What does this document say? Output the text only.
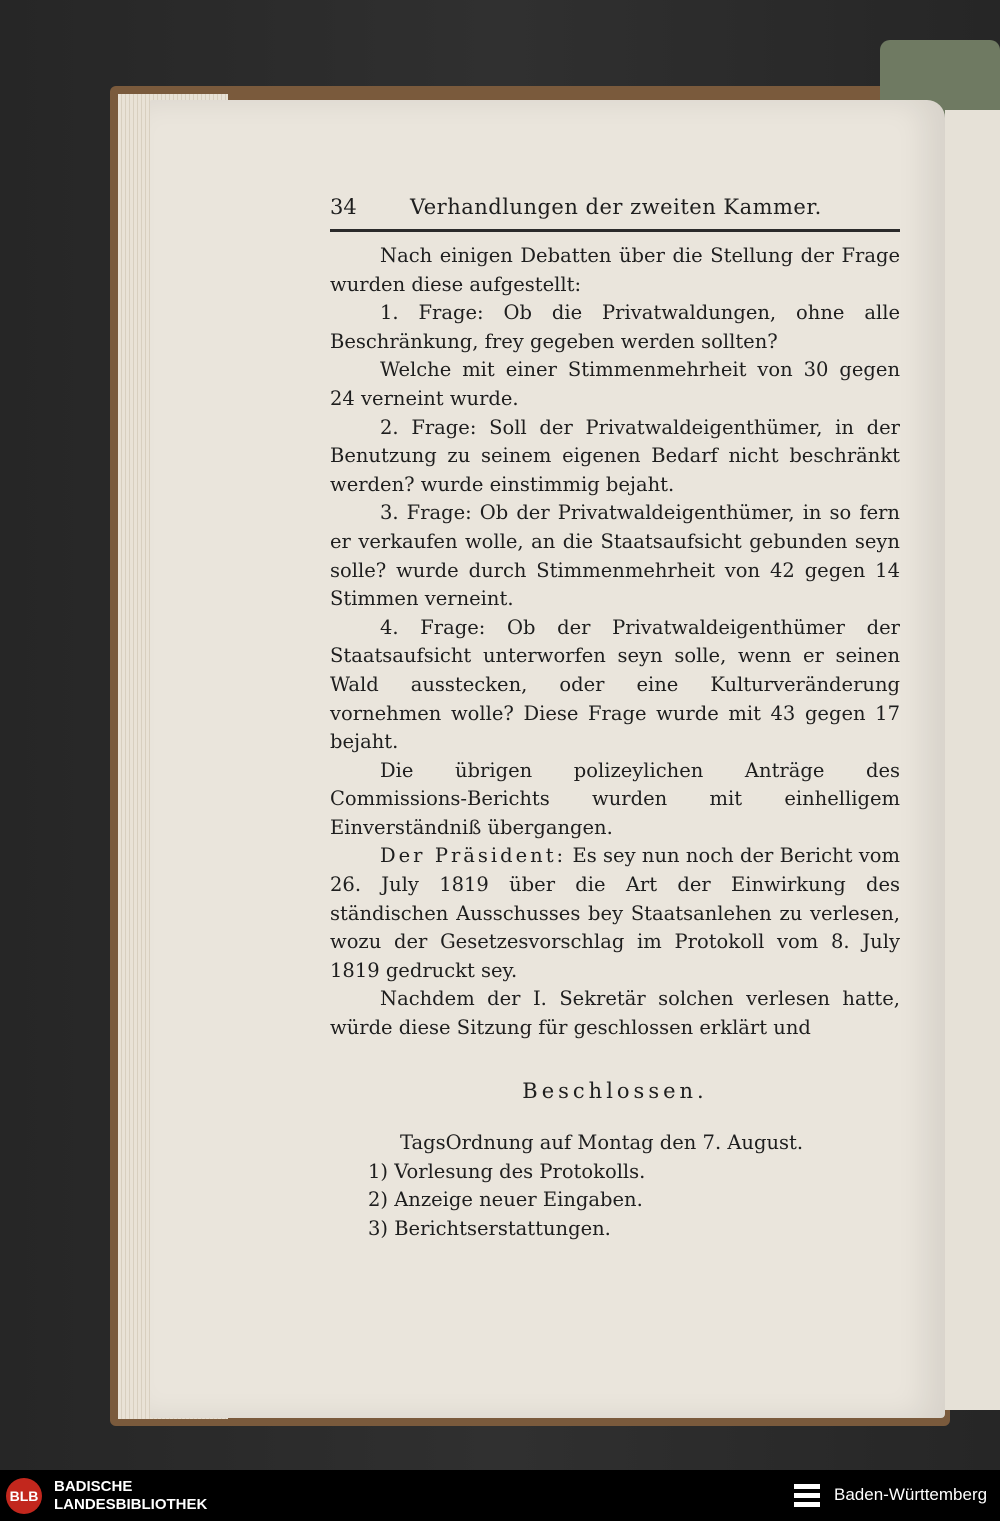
34	Verhandlungen der zweiten Kammer.

Nach einigen Debatten über die Stellung der Frage wurden diese aufgestellt:

1. Frage: Ob die Privatwaldungen, ohne alle Beschränkung, frey gegeben werden sollten?

Welche mit einer Stimmenmehrheit von 30 gegen 24 verneint wurde.

2. Frage: Soll der Privatwaldeigenthümer, in der Benutzung zu seinem eigenen Bedarf nicht beschränkt werden? wurde einstimmig bejaht.

3. Frage: Ob der Privatwaldeigenthümer, in so fern er verkaufen wolle, an die Staatsaufsicht gebunden seyn solle? wurde durch Stimmenmehrheit von 42 gegen 14 Stimmen verneint.

4. Frage: Ob der Privatwaldeigenthümer der Staatsaufsicht unterworfen seyn solle, wenn er seinen Wald ausstecken, oder eine Kulturveränderung vornehmen wolle? Diese Frage wurde mit 43 gegen 17 bejaht.

Die übrigen polizeylichen Anträge des Commissions-Berichts wurden mit einhelligem Einverständniß übergangen.

Der Präsident: Es sey nun noch der Bericht vom 26. July 1819 über die Art der Einwirkung des ständischen Ausschusses bey Staatsanlehen zu verlesen, wozu der Gesetzesvorschlag im Protokoll vom 8. July 1819 gedruckt sey.

Nachdem der I. Sekretär solchen verlesen hatte, würde diese Sitzung für geschlossen erklärt und

Beschlossen.

TagsOrdnung auf Montag den 7. August.

1) Vorlesung des Protokolls.

2) Anzeige neuer Eingaben.

3) Berichtserstattungen.

BLB
BADISCHE
LANDESBIBLIOTHEK
Baden-Württemberg
